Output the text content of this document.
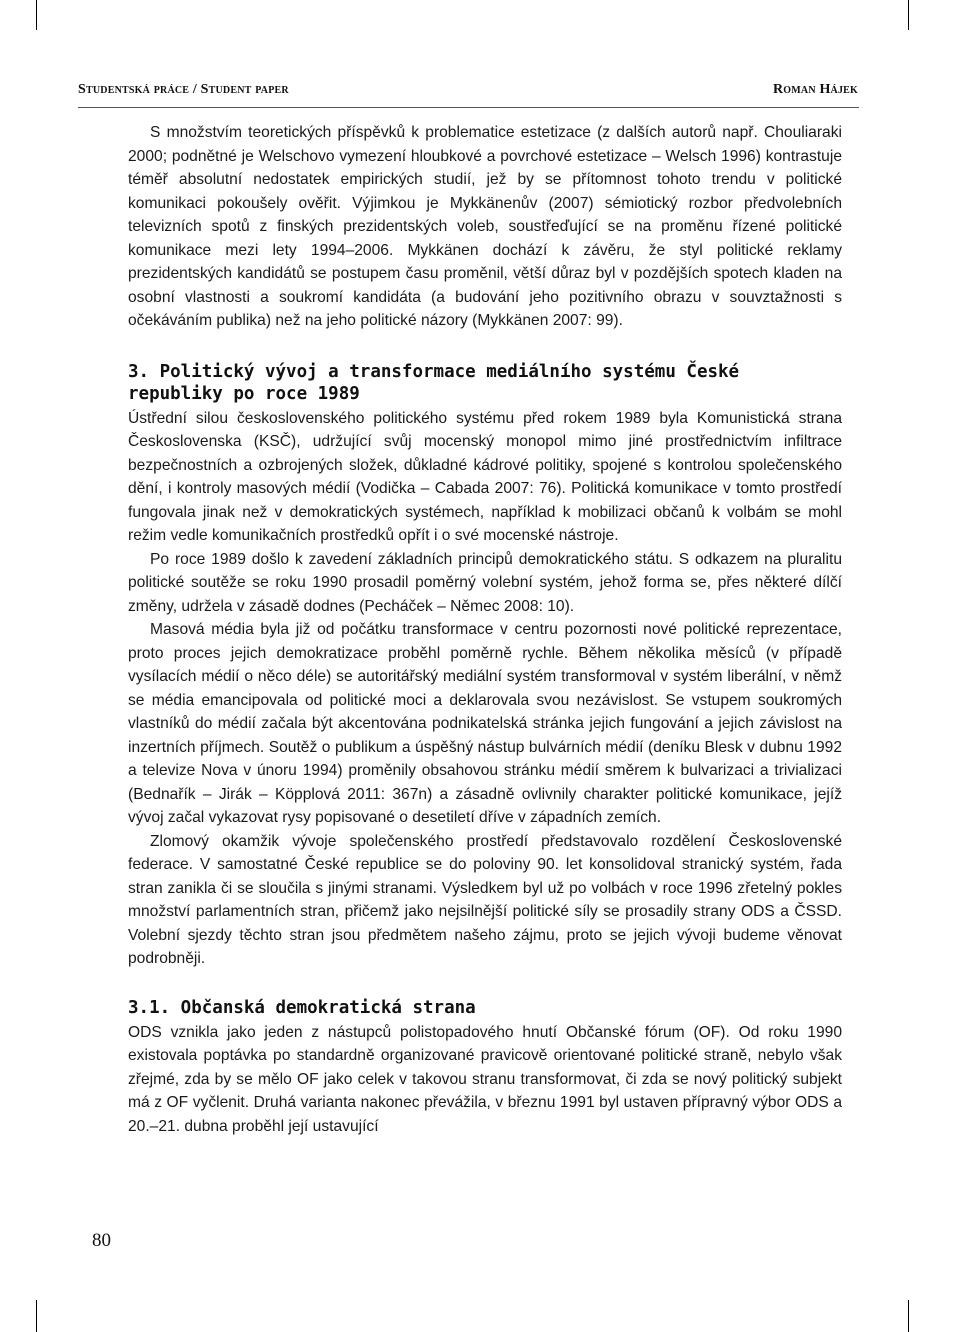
Studentská práce / Student paper	Roman Hájek

S množstvím teoretických příspěvků k problematice estetizace (z dalších autorů např. Chouliaraki 2000; podnětné je Welschovo vymezení hloubkové a povrchové estetizace – Welsch 1996) kontrastuje téměř absolutní nedostatek empirických studií, jež by se přítomnost tohoto trendu v politické komunikaci pokoušely ověřit. Výjimkou je Mykkänenův (2007) sémiotický rozbor předvolebních televizních spotů z finských prezidentských voleb, soustřeďující se na proměnu řízené politické komunikace mezi lety 1994–2006. Mykkänen dochází k závěru, že styl politické reklamy prezidentských kandidátů se postupem času proměnil, větší důraz byl v pozdějších spotech kladen na osobní vlastnosti a soukromí kandidáta (a budování jeho pozitivního obrazu v souvztažnosti s očekáváním publika) než na jeho politické názory (Mykkänen 2007: 99).

3. Politický vývoj a transformace mediálního systému České republiky po roce 1989

Ústřední silou československého politického systému před rokem 1989 byla Komunistická strana Československa (KSČ), udržující svůj mocenský monopol mimo jiné prostřednictvím infiltrace bezpečnostních a ozbrojených složek, důkladné kádrové politiky, spojené s kontrolou společenského dění, i kontroly masových médií (Vodička – Cabada 2007: 76). Politická komunikace v tomto prostředí fungovala jinak než v demokratických systémech, například k mobilizaci občanů k volbám se mohl režim vedle komunikačních prostředků opřít i o své mocenské nástroje.

Po roce 1989 došlo k zavedení základních principů demokratického státu. S odkazem na pluralitu politické soutěže se roku 1990 prosadil poměrný volební systém, jehož forma se, přes některé dílčí změny, udržela v zásadě dodnes (Pecháček – Němec 2008: 10).

Masová média byla již od počátku transformace v centru pozornosti nové politické reprezentace, proto proces jejich demokratizace proběhl poměrně rychle. Během několika měsíců (v případě vysílacích médií o něco déle) se autoritářský mediální systém transformoval v systém liberální, v němž se média emancipovala od politické moci a deklarovala svou nezávislost. Se vstupem soukromých vlastníků do médií začala být akcentována podnikatelská stránka jejich fungování a jejich závislost na inzertních příjmech. Soutěž o publikum a úspěšný nástup bulvárních médií (deníku Blesk v dubnu 1992 a televize Nova v únoru 1994) proměnily obsahovou stránku médií směrem k bulvarizaci a trivializaci (Bednařík – Jirák – Köpplová 2011: 367n) a zásadně ovlivnily charakter politické komunikace, jejíž vývoj začal vykazovat rysy popisované o desetiletí dříve v západních zemích.

Zlomový okamžik vývoje společenského prostředí představovalo rozdělení Československé federace. V samostatné České republice se do poloviny 90. let konsolidoval stranický systém, řada stran zanikla či se sloučila s jinými stranami. Výsledkem byl už po volbách v roce 1996 zřetelný pokles množství parlamentních stran, přičemž jako nejsilnější politické síly se prosadily strany ODS a ČSSD. Volební sjezdy těchto stran jsou předmětem našeho zájmu, proto se jejich vývoji budeme věnovat podrobněji.

3.1. Občanská demokratická strana

ODS vznikla jako jeden z nástupců polistopadového hnutí Občanské fórum (OF). Od roku 1990 existovala poptávka po standardně organizované pravicově orientované politické straně, nebylo však zřejmé, zda by se mělo OF jako celek v takovou stranu transformovat, či zda se nový politický subjekt má z OF vyčlenit. Druhá varianta nakonec převážila, v březnu 1991 byl ustaven přípravný výbor ODS a 20.–21. dubna proběhl její ustavující

80
